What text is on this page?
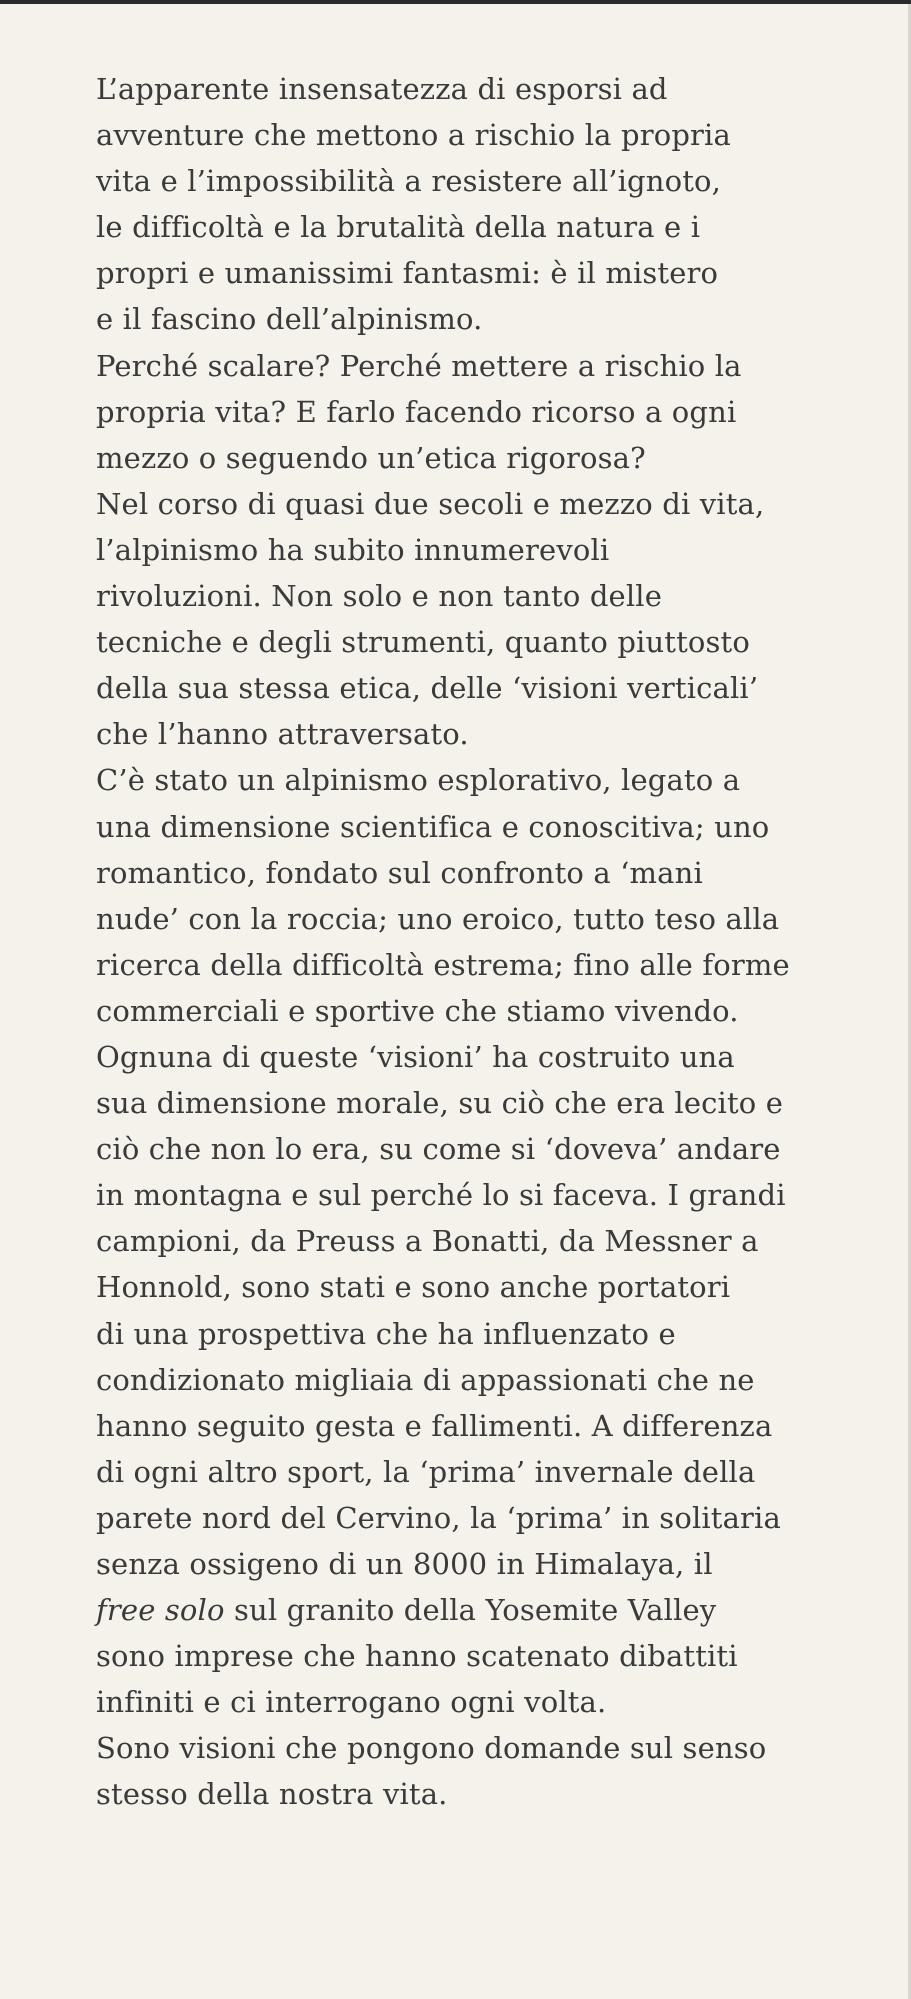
L’apparente insensatezza di esporsi ad
avventure che mettono a rischio la propria
vita e l’impossibilità a resistere all’ignoto,
le difficoltà e la brutalità della natura e i
propri e umanissimi fantasmi: è il mistero
e il fascino dell’alpinismo.
Perché scalare? Perché mettere a rischio la
propria vita? E farlo facendo ricorso a ogni
mezzo o seguendo un’etica rigorosa?
Nel corso di quasi due secoli e mezzo di vita,
l’alpinismo ha subito innumerevoli
rivoluzioni. Non solo e non tanto delle
tecniche e degli strumenti, quanto piuttosto
della sua stessa etica, delle ‘visioni verticali’
che l’hanno attraversato.
C’è stato un alpinismo esplorativo, legato a
una dimensione scientifica e conoscitiva; uno
romantico, fondato sul confronto a ‘mani
nude’ con la roccia; uno eroico, tutto teso alla
ricerca della difficoltà estrema; fino alle forme
commerciali e sportive che stiamo vivendo.
Ognuna di queste ‘visioni’ ha costruito una
sua dimensione morale, su ciò che era lecito e
ciò che non lo era, su come si ‘doveva’ andare
in montagna e sul perché lo si faceva. I grandi
campioni, da Preuss a Bonatti, da Messner a
Honnold, sono stati e sono anche portatori
di una prospettiva che ha influenzato e
condizionato migliaia di appassionati che ne
hanno seguito gesta e fallimenti. A differenza
di ogni altro sport, la ‘prima’ invernale della
parete nord del Cervino, la ‘prima’ in solitaria
senza ossigeno di un 8000 in Himalaya, il
free solo sul granito della Yosemite Valley
sono imprese che hanno scatenato dibattiti
infiniti e ci interrogano ogni volta.
Sono visioni che pongono domande sul senso
stesso della nostra vita.
